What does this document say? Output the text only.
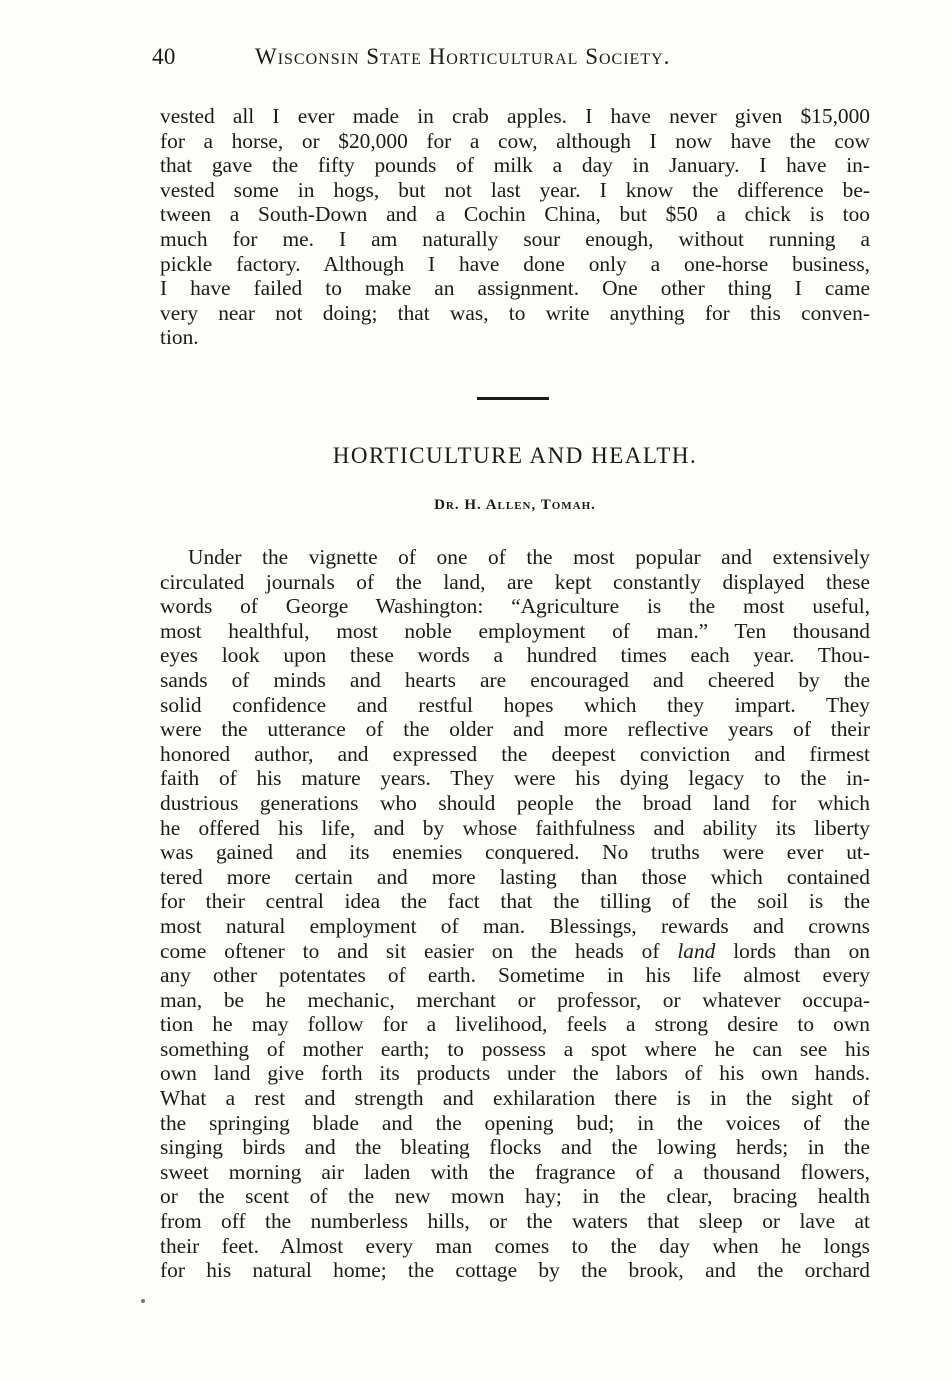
40	Wisconsin State Horticultural Society.
vested all I ever made in crab apples. I have never given $15,000
for a horse, or $20,000 for a cow, although I now have the cow
that gave the fifty pounds of milk a day in January. I have in-
vested some in hogs, but not last year. I know the difference be-
tween a South-Down and a Cochin China, but $50 a chick is too
much for me. I am naturally sour enough, without running a
pickle factory. Although I have done only a one-horse business,
I have failed to make an assignment. One other thing I came
very near not doing; that was, to write anything for this conven-
tion.
HORTICULTURE AND HEALTH.
Dr. H. Allen, Tomah.
Under the vignette of one of the most popular and extensively
circulated journals of the land, are kept constantly displayed these
words of George Washington: “Agriculture is the most useful,
most healthful, most noble employment of man.” Ten thousand
eyes look upon these words a hundred times each year. Thou-
sands of minds and hearts are encouraged and cheered by the
solid confidence and restful hopes which they impart. They
were the utterance of the older and more reflective years of their
honored author, and expressed the deepest conviction and firmest
faith of his mature years. They were his dying legacy to the in-
dustrious generations who should people the broad land for which
he offered his life, and by whose faithfulness and ability its liberty
was gained and its enemies conquered. No truths were ever ut-
tered more certain and more lasting than those which contained
for their central idea the fact that the tilling of the soil is the
most natural employment of man. Blessings, rewards and crowns
come oftener to and sit easier on the heads of land lords than on
any other potentates of earth. Sometime in his life almost every
man, be he mechanic, merchant or professor, or whatever occupa-
tion he may follow for a livelihood, feels a strong desire to own
something of mother earth; to possess a spot where he can see his
own land give forth its products under the labors of his own hands.
What a rest and strength and exhilaration there is in the sight of
the springing blade and the opening bud; in the voices of the
singing birds and the bleating flocks and the lowing herds; in the
sweet morning air laden with the fragrance of a thousand flowers,
or the scent of the new mown hay; in the clear, bracing health
from off the numberless hills, or the waters that sleep or lave at
their feet. Almost every man comes to the day when he longs
for his natural home; the cottage by the brook, and the orchard
